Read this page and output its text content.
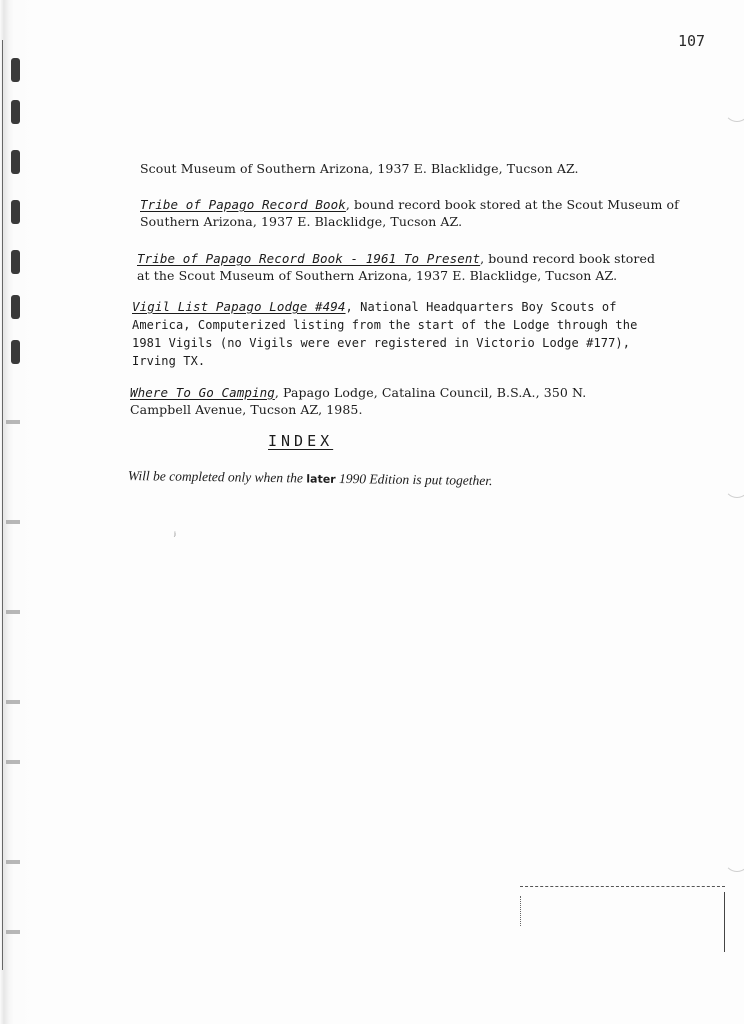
107

Scout Museum of Southern Arizona, 1937 E. Blacklidge, Tucson AZ.

Tribe of Papago Record Book, bound record book stored at the Scout Museum of Southern Arizona, 1937 E. Blacklidge, Tucson AZ.

Tribe of Papago Record Book - 1961 To Present, bound record book stored at the Scout Museum of Southern Arizona, 1937 E. Blacklidge, Tucson AZ.

Vigil List Papago Lodge #494, National Headquarters Boy Scouts of America, Computerized listing from the start of the Lodge through the 1981 Vigils (no Vigils were ever registered in Victorio Lodge #177), Irving TX.

Where To Go Camping, Papago Lodge, Catalina Council, B.S.A., 350 N. Campbell Avenue, Tucson AZ, 1985.

INDEX

Will be completed only when the later 1990 Edition is put together.

ʲ
